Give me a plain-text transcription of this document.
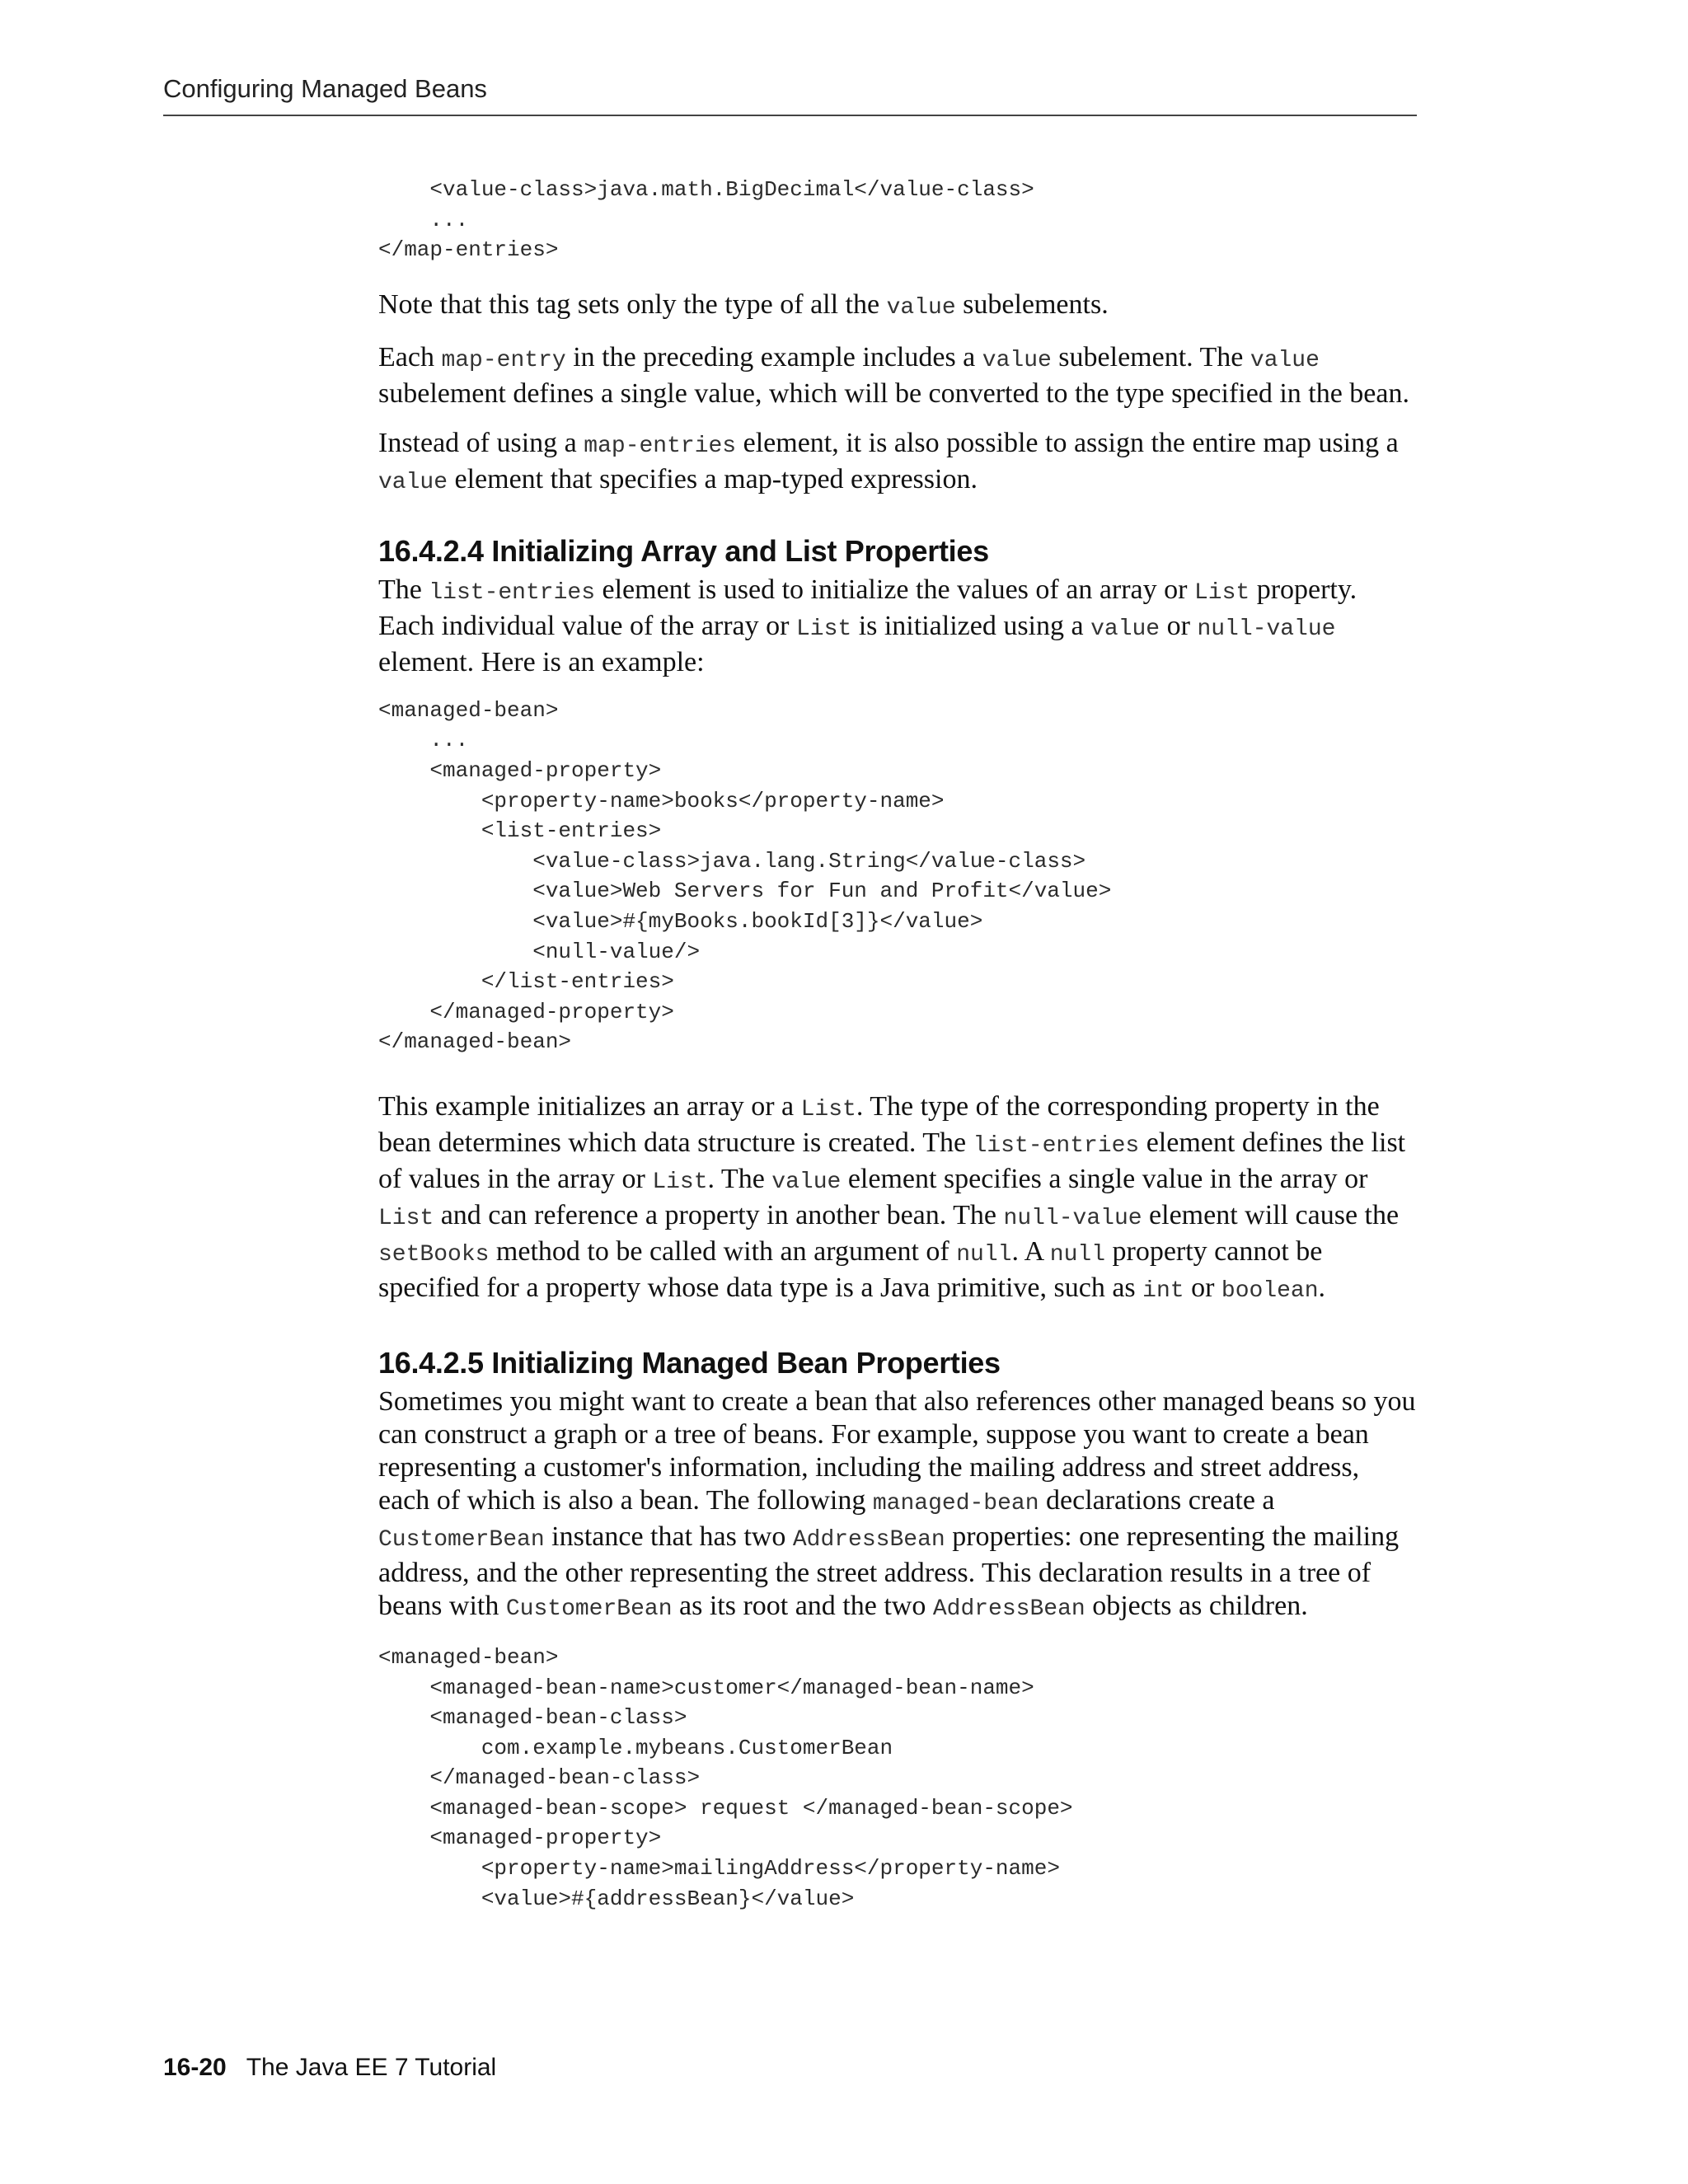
Configuring Managed Beans
<value-class>java.math.BigDecimal</value-class>
...
</map-entries>

Note that this tag sets only the type of all the value subelements.

Each map-entry in the preceding example includes a value subelement. The value subelement defines a single value, which will be converted to the type specified in the bean.

Instead of using a map-entries element, it is also possible to assign the entire map using a value element that specifies a map-typed expression.

16.4.2.4 Initializing Array and List Properties

The list-entries element is used to initialize the values of an array or List property. Each individual value of the array or List is initialized using a value or null-value element. Here is an example:

<managed-bean>
...
<managed-property>
<property-name>books</property-name>
<list-entries>
<value-class>java.lang.String</value-class>
<value>Web Servers for Fun and Profit</value>
<value>#{myBooks.bookId[3]}</value>
<null-value/>
</list-entries>
</managed-property>
</managed-bean>

This example initializes an array or a List. The type of the corresponding property in the bean determines which data structure is created. The list-entries element defines the list of values in the array or List. The value element specifies a single value in the array or List and can reference a property in another bean. The null-value element will cause the setBooks method to be called with an argument of null. A null property cannot be specified for a property whose data type is a Java primitive, such as int or boolean.

16.4.2.5 Initializing Managed Bean Properties

Sometimes you might want to create a bean that also references other managed beans so you can construct a graph or a tree of beans. For example, suppose you want to create a bean representing a customer's information, including the mailing address and street address, each of which is also a bean. The following managed-bean declarations create a CustomerBean instance that has two AddressBean properties: one representing the mailing address, and the other representing the street address. This declaration results in a tree of beans with CustomerBean as its root and the two AddressBean objects as children.

<managed-bean>
<managed-bean-name>customer</managed-bean-name>
<managed-bean-class>
com.example.mybeans.CustomerBean
</managed-bean-class>
<managed-bean-scope> request </managed-bean-scope>
<managed-property>
<property-name>mailingAddress</property-name>
<value>#{addressBean}</value>
16-20 The Java EE 7 Tutorial
